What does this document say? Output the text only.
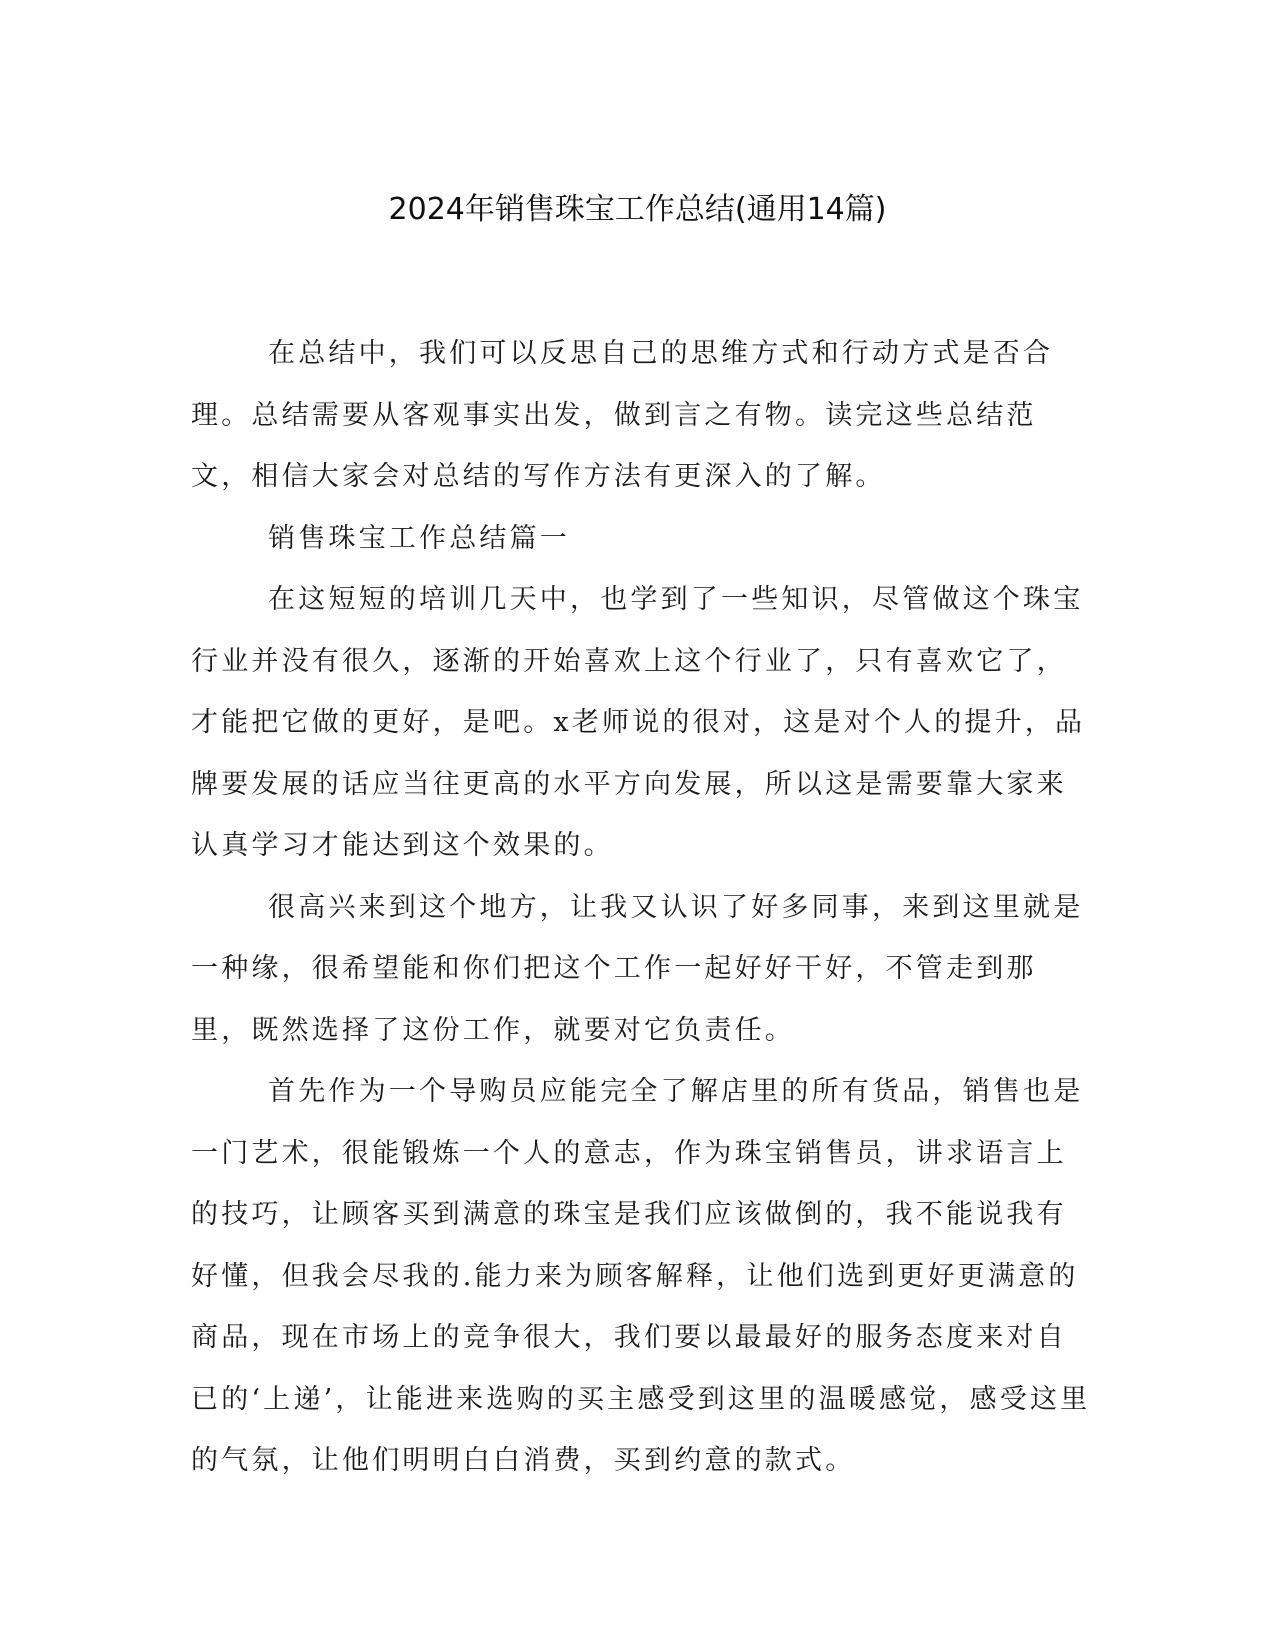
2024年销售珠宝工作总结(通用14篇)

在总结中，我们可以反思自己的思维方式和行动方式是否合理。总结需要从客观事实出发，做到言之有物。读完这些总结范文，相信大家会对总结的写作方法有更深入的了解。

销售珠宝工作总结篇一

在这短短的培训几天中，也学到了一些知识，尽管做这个珠宝行业并没有很久，逐渐的开始喜欢上这个行业了，只有喜欢它了，才能把它做的更好，是吧。x老师说的很对，这是对个人的提升，品牌要发展的话应当往更高的水平方向发展，所以这是需要靠大家来认真学习才能达到这个效果的。

很高兴来到这个地方，让我又认识了好多同事，来到这里就是一种缘，很希望能和你们把这个工作一起好好干好，不管走到那里，既然选择了这份工作，就要对它负责任。

首先作为一个导购员应能完全了解店里的所有货品，销售也是一门艺术，很能锻炼一个人的意志，作为珠宝销售员，讲求语言上的技巧，让顾客买到满意的珠宝是我们应该做倒的，我不能说我有好懂，但我会尽我的.能力来为顾客解释，让他们选到更好更满意的商品，现在市场上的竞争很大，我们要以最最好的服务态度来对自已的‘上递’，让能进来选购的买主感受到这里的温暖感觉，感受这里的气氛，让他们明明白白消费，买到约意的款式。
